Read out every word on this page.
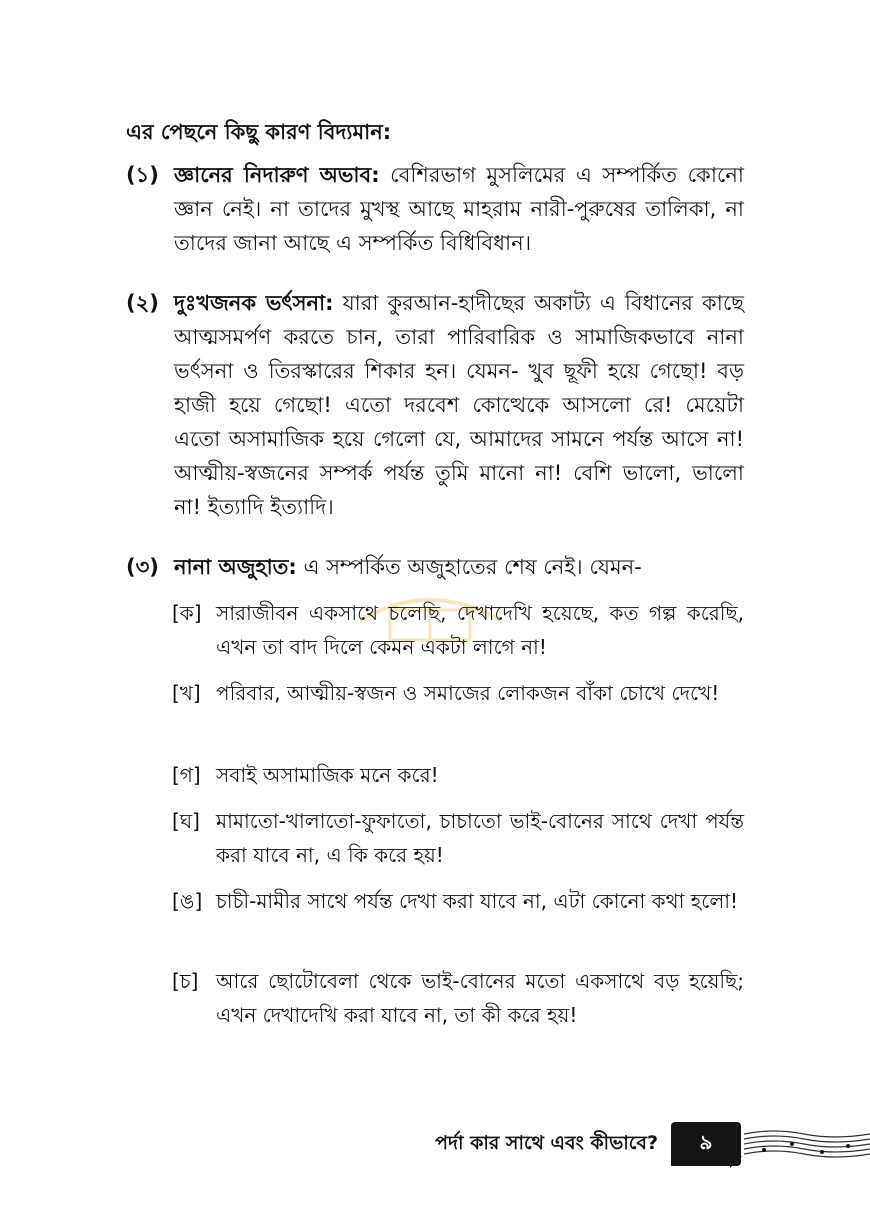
এর পেছনে কিছু কারণ বিদ্যমান:
(১) জ্ঞানের নিদারুণ অভাব: বেশিরভাগ মুসলিমের এ সম্পর্কিত কোনো জ্ঞান নেই। না তাদের মুখস্থ আছে মাহরাম নারী-পুরুষের তালিকা, না তাদের জানা আছে এ সম্পর্কিত বিধিবিধান।
(২) দুঃখজনক ভর্ৎসনা: যারা কুরআন-হাদীছের অকাট্য এ বিধানের কাছে আত্মসমর্পণ করতে চান, তারা পারিবারিক ও সামাজিকভাবে নানা ভর্ৎসনা ও তিরস্কারের শিকার হন। যেমন- খুব ছূফী হয়ে গেছো! বড় হাজী হয়ে গেছো! এতো দরবেশ কোত্থেকে আসলো রে! মেয়েটা এতো অসামাজিক হয়ে গেলো যে, আমাদের সামনে পর্যন্ত আসে না! আত্মীয়-স্বজনের সম্পর্ক পর্যন্ত তুমি মানো না! বেশি ভালো, ভালো না! ইত্যাদি ইত্যাদি।
(৩) নানা অজুহাত: এ সম্পর্কিত অজুহাতের শেষ নেই। যেমন-
[ক] সারাজীবন একসাথে চলেছি, দেখাদেখি হয়েছে, কত গল্প করেছি, এখন তা বাদ দিলে কেমন একটা লাগে না!
[খ] পরিবার, আত্মীয়-স্বজন ও সমাজের লোকজন বাঁকা চোখে দেখে!
[গ] সবাই অসামাজিক মনে করে!
[ঘ] মামাতো-খালাতো-ফুফাতো, চাচাতো ভাই-বোনের সাথে দেখা পর্যন্ত করা যাবে না, এ কি করে হয়!
[ঙ] চাচী-মামীর সাথে পর্যন্ত দেখা করা যাবে না, এটা কোনো কথা হলো!
[চ] আরে ছোটোবেলা থেকে ভাই-বোনের মতো একসাথে বড় হয়েছি; এখন দেখাদেখি করা যাবে না, তা কী করে হয়!
পর্দা কার সাথে এবং কীভাবে? ৯
